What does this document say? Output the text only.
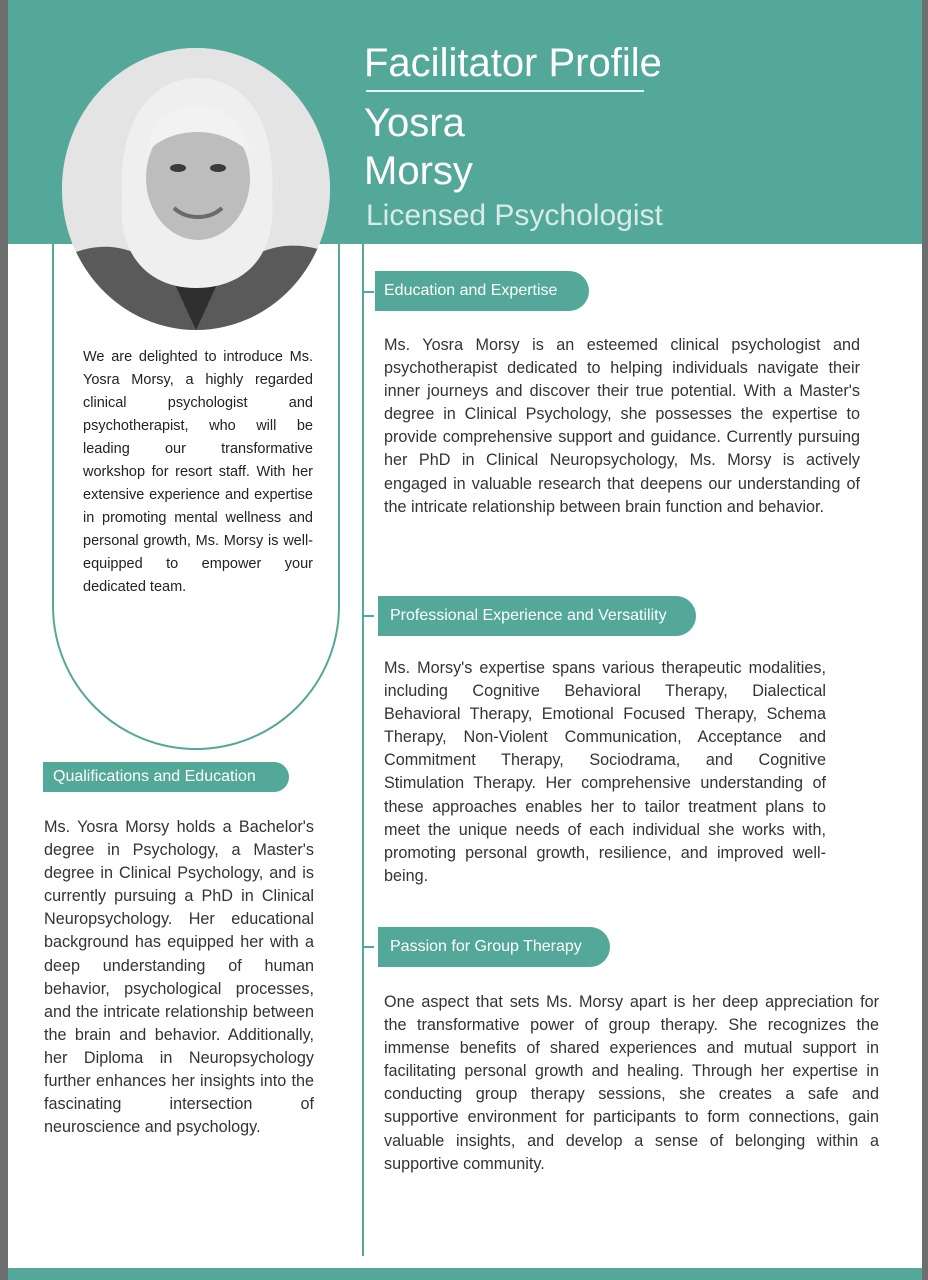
Facilitator Profile
Yosra
Morsy
Licensed Psychologist
We are delighted to introduce Ms. Yosra Morsy, a highly regarded clinical psychologist and psychotherapist, who will be leading our transformative workshop for resort staff. With her extensive experience and expertise in promoting mental wellness and personal growth, Ms. Morsy is well-equipped to empower your dedicated team.
Education and Expertise
Ms. Yosra Morsy is an esteemed clinical psychologist and psychotherapist dedicated to helping individuals navigate their inner journeys and discover their true potential. With a Master's degree in Clinical Psychology, she possesses the expertise to provide comprehensive support and guidance. Currently pursuing her PhD in Clinical Neuropsychology, Ms. Morsy is actively engaged in valuable research that deepens our understanding of the intricate relationship between brain function and behavior.
Professional Experience and Versatility
Ms. Morsy's expertise spans various therapeutic modalities, including Cognitive Behavioral Therapy, Dialectical Behavioral Therapy, Emotional Focused Therapy, Schema Therapy, Non-Violent Communication, Acceptance and Commitment Therapy, Sociodrama, and Cognitive Stimulation Therapy. Her comprehensive understanding of these approaches enables her to tailor treatment plans to meet the unique needs of each individual she works with, promoting personal growth, resilience, and improved well-being.
Passion for Group Therapy
One aspect that sets Ms. Morsy apart is her deep appreciation for the transformative power of group therapy. She recognizes the immense benefits of shared experiences and mutual support in facilitating personal growth and healing. Through her expertise in conducting group therapy sessions, she creates a safe and supportive environment for participants to form connections, gain valuable insights, and develop a sense of belonging within a supportive community.
Qualifications and Education
Ms. Yosra Morsy holds a Bachelor's degree in Psychology, a Master's degree in Clinical Psychology, and is currently pursuing a PhD in Clinical Neuropsychology. Her educational background has equipped her with a deep understanding of human behavior, psychological processes, and the intricate relationship between the brain and behavior. Additionally, her Diploma in Neuropsychology further enhances her insights into the fascinating intersection of neuroscience and psychology.
